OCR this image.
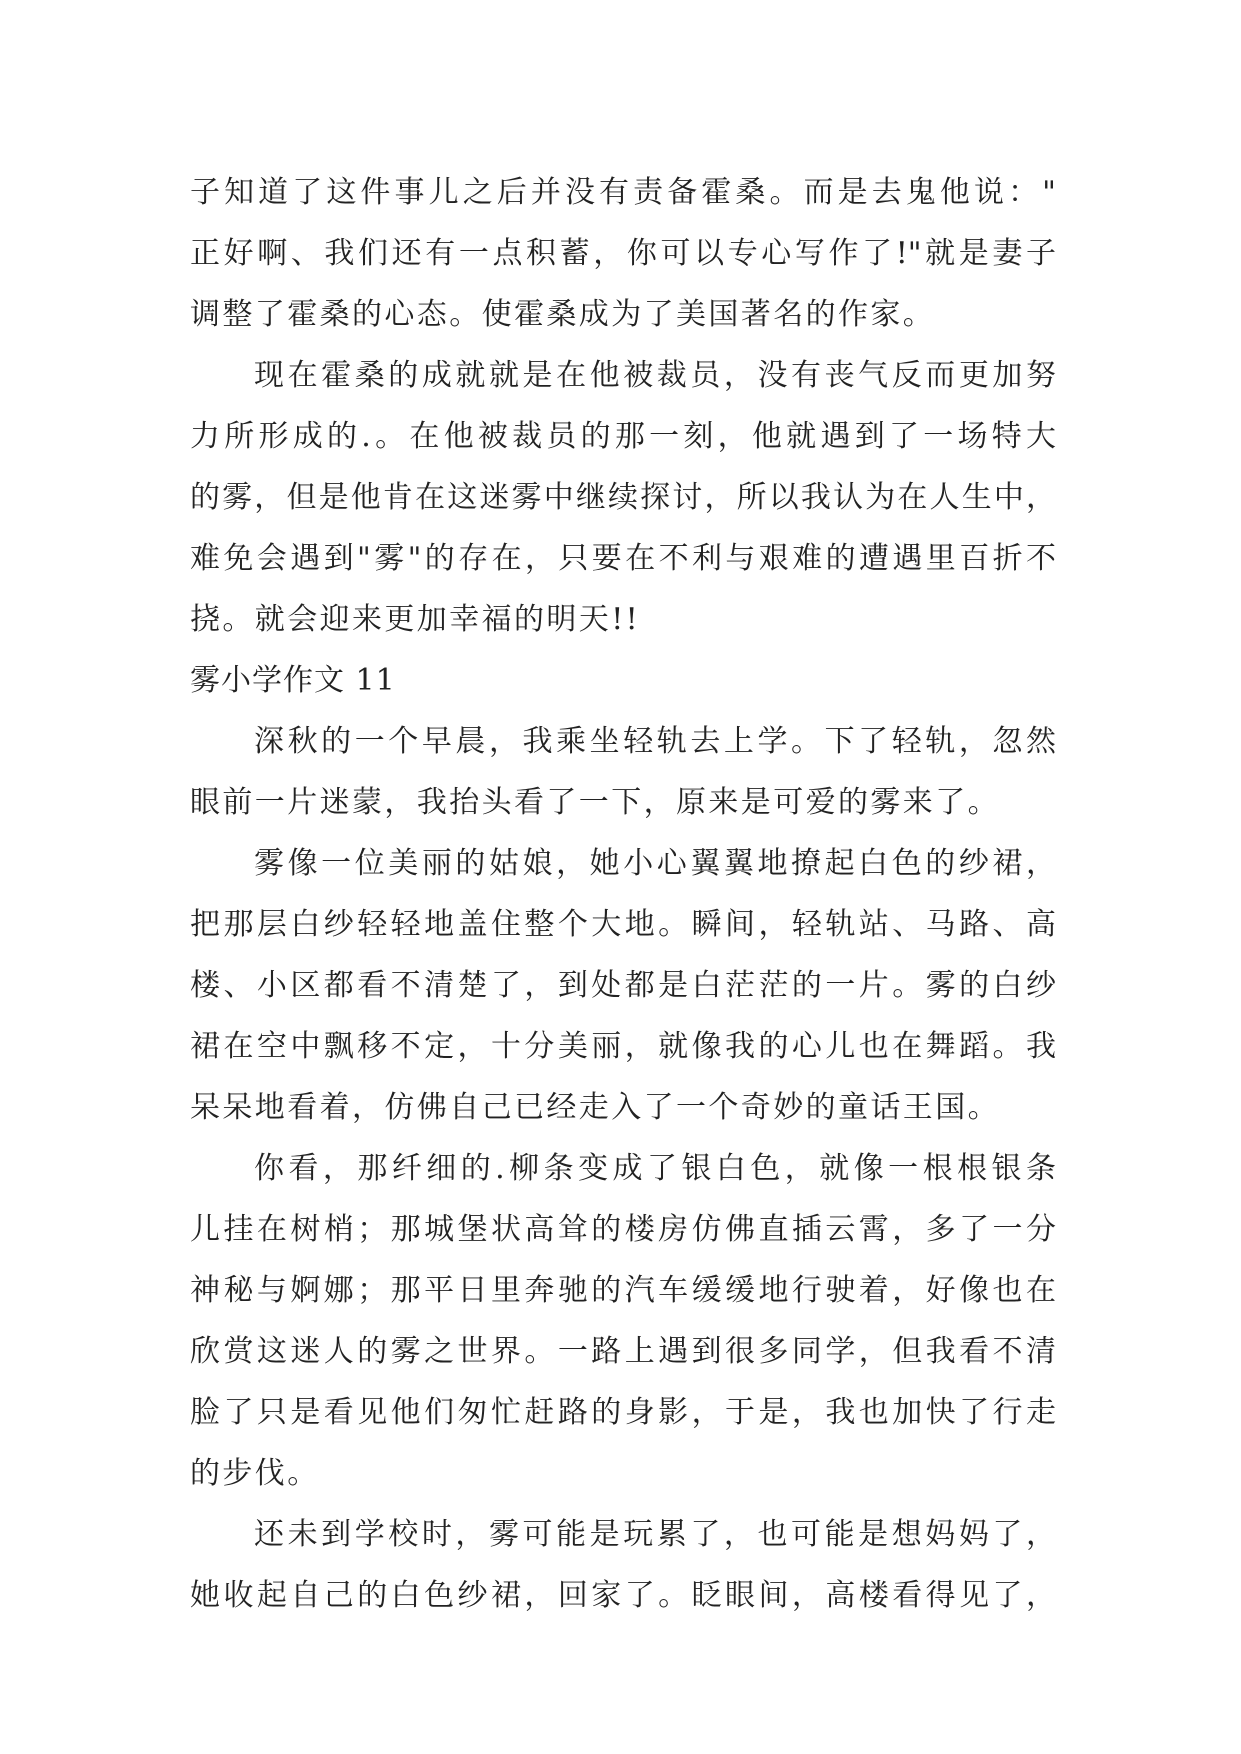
子知道了这件事儿之后并没有责备霍桑。而是去鬼他说："
正好啊、我们还有一点积蓄，你可以专心写作了!"就是妻子
调整了霍桑的心态。使霍桑成为了美国著名的作家。
现在霍桑的成就就是在他被裁员，没有丧气反而更加努
力所形成的.。在他被裁员的那一刻，他就遇到了一场特大
的雾，但是他肯在这迷雾中继续探讨，所以我认为在人生中，
难免会遇到"雾"的存在，只要在不利与艰难的遭遇里百折不
挠。就会迎来更加幸福的明天!!
雾小学作文 11
深秋的一个早晨，我乘坐轻轨去上学。下了轻轨，忽然
眼前一片迷蒙，我抬头看了一下，原来是可爱的雾来了。
雾像一位美丽的姑娘，她小心翼翼地撩起白色的纱裙，
把那层白纱轻轻地盖住整个大地。瞬间，轻轨站、马路、高
楼、小区都看不清楚了，到处都是白茫茫的一片。雾的白纱
裙在空中飘移不定，十分美丽，就像我的心儿也在舞蹈。我
呆呆地看着，仿佛自己已经走入了一个奇妙的童话王国。
你看，那纤细的.柳条变成了银白色，就像一根根银条
儿挂在树梢；那城堡状高耸的楼房仿佛直插云霄，多了一分
神秘与婀娜；那平日里奔驰的汽车缓缓地行驶着，好像也在
欣赏这迷人的雾之世界。一路上遇到很多同学，但我看不清
脸了只是看见他们匆忙赶路的身影，于是，我也加快了行走
的步伐。
还未到学校时，雾可能是玩累了，也可能是想妈妈了，
她收起自己的白色纱裙，回家了。眨眼间，高楼看得见了，
